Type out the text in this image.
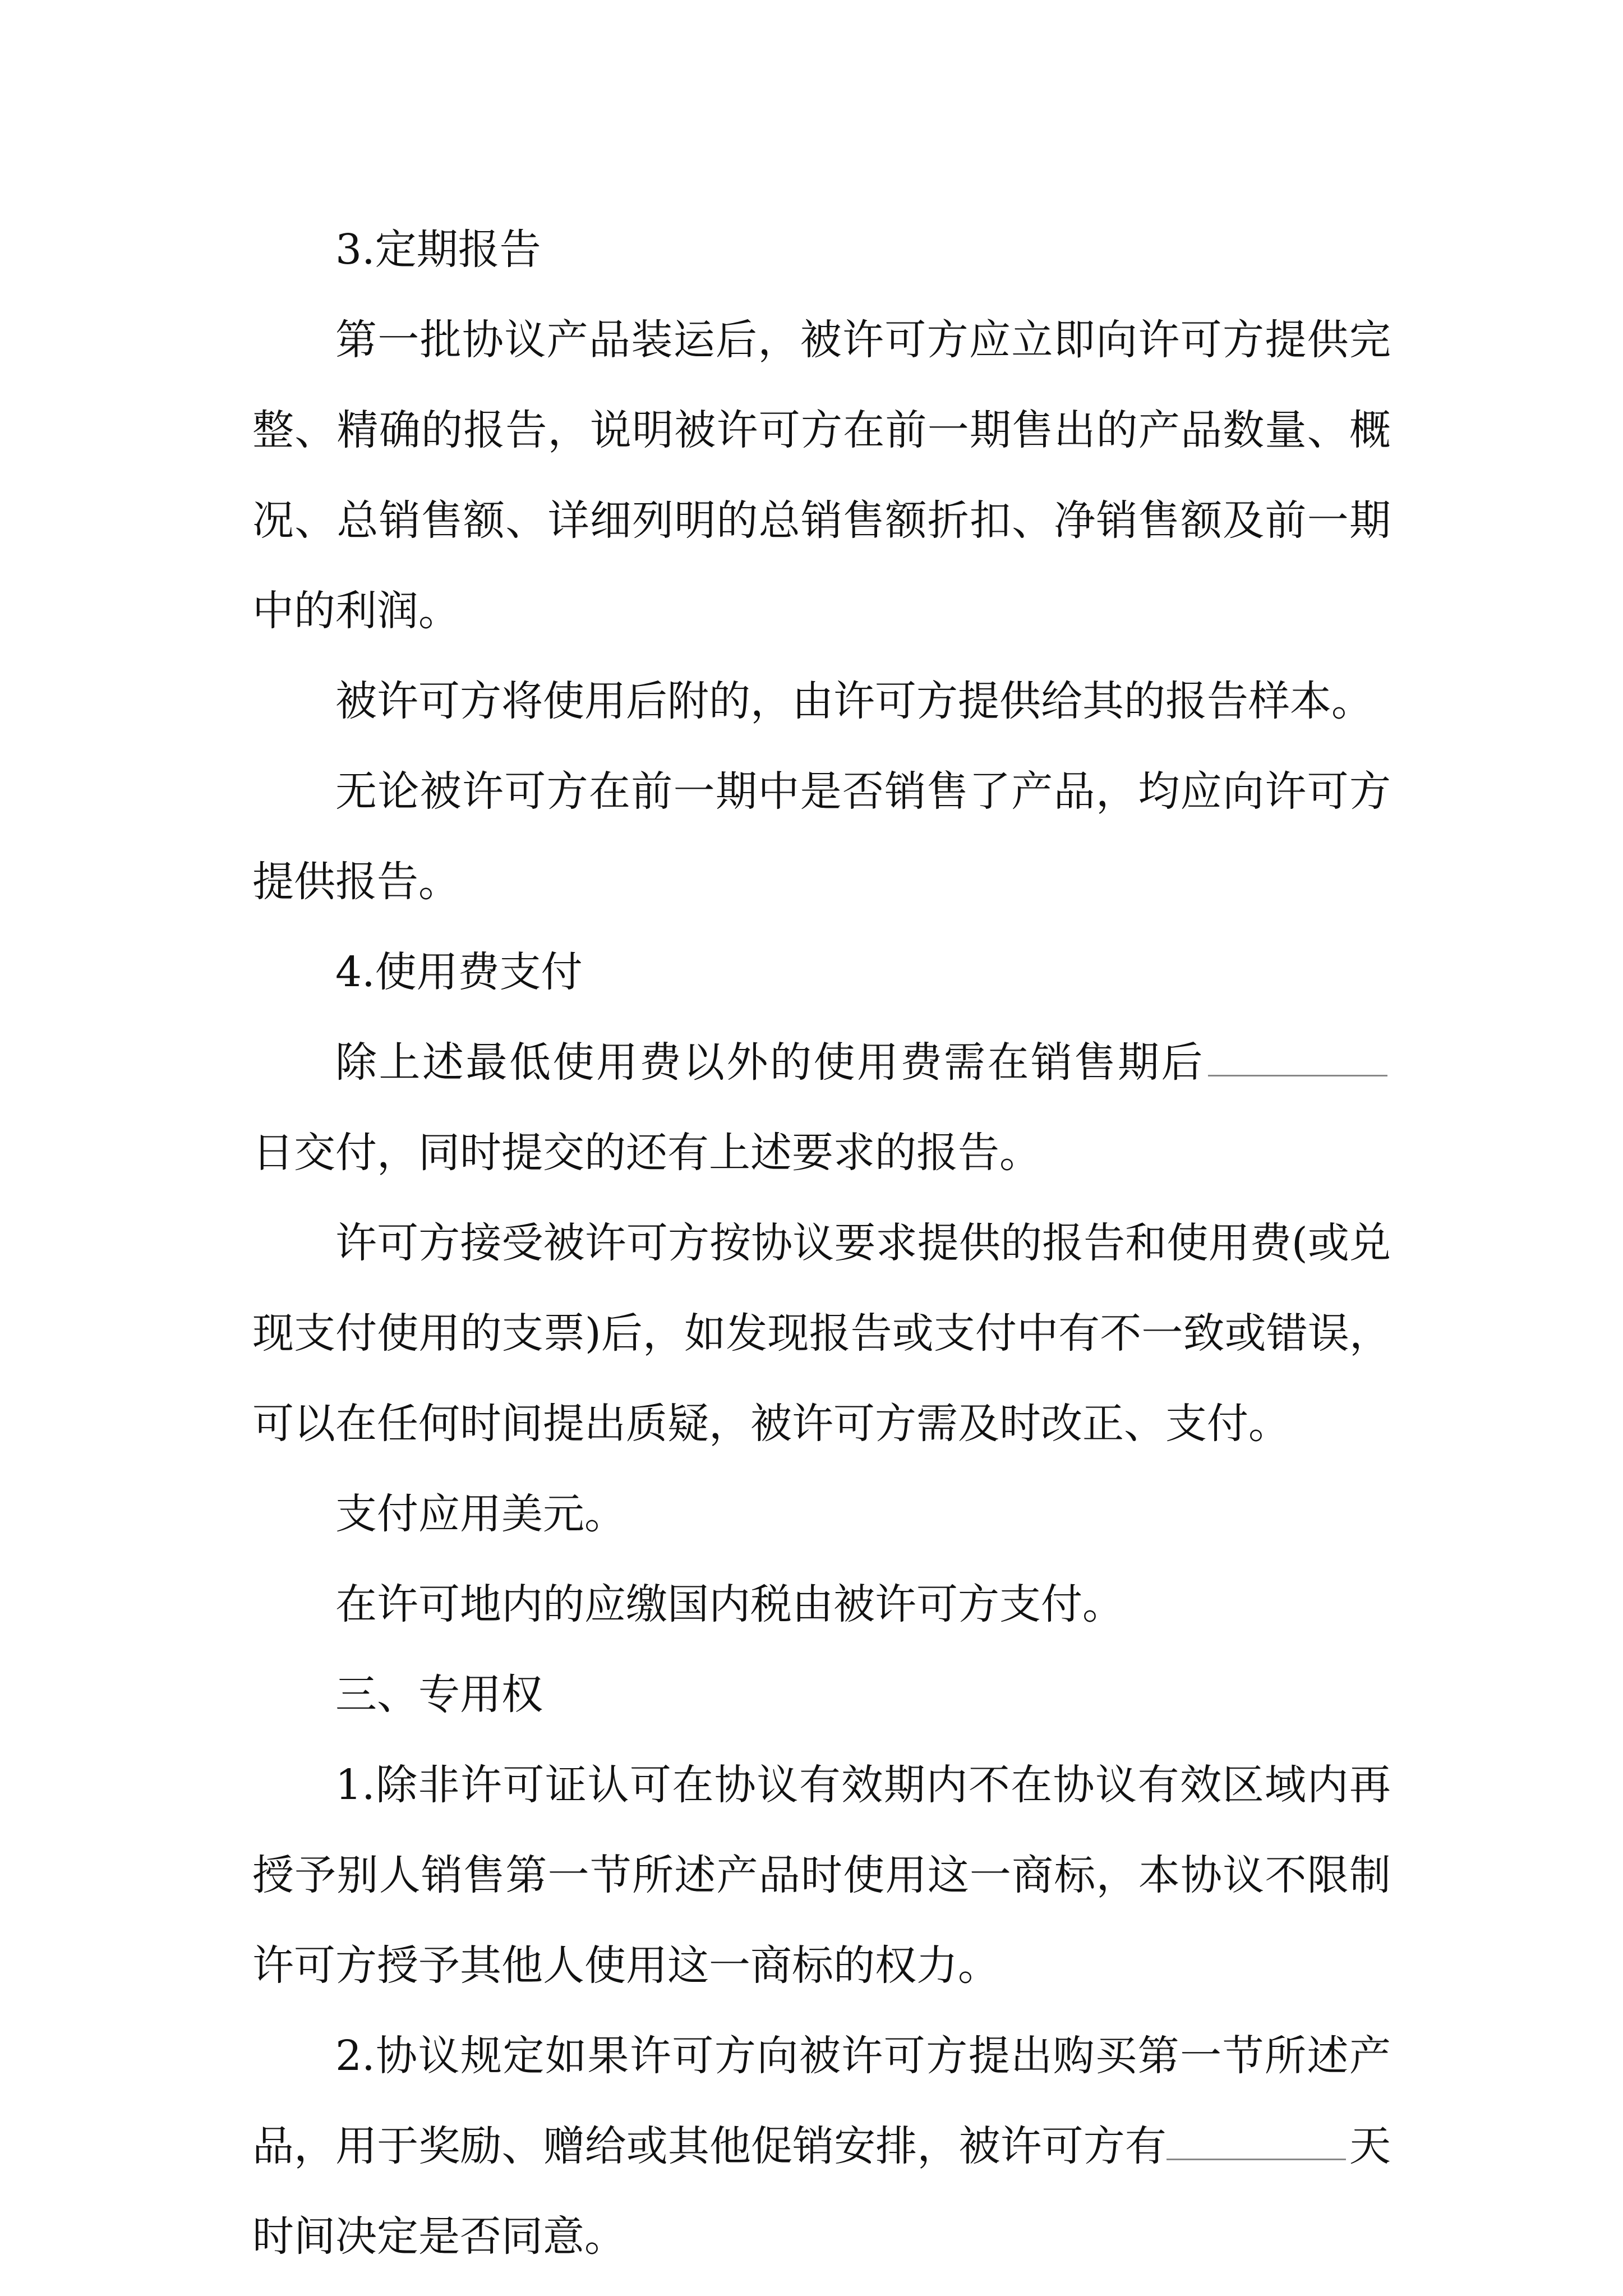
3.定期报告

第一批协议产品装运后，被许可方应立即向许可方提供完整、精确的报告，说明被许可方在前一期售出的产品数量、概况、总销售额、详细列明的总销售额折扣、净销售额及前一期中的利润。

被许可方将使用后附的，由许可方提供给其的报告样本。

无论被许可方在前一期中是否销售了产品，均应向许可方提供报告。

4.使用费支付

除上述最低使用费以外的使用费需在销售期后日交付，同时提交的还有上述要求的报告。

许可方接受被许可方按协议要求提供的报告和使用费(或兑现支付使用的支票)后，如发现报告或支付中有不一致或错误，可以在任何时间提出质疑，被许可方需及时改正、支付。

支付应用美元。

在许可地内的应缴国内税由被许可方支付。

三、专用权

1.除非许可证认可在协议有效期内不在协议有效区域内再授予别人销售第一节所述产品时使用这一商标，本协议不限制许可方授予其他人使用这一商标的权力。

2.协议规定如果许可方向被许可方提出购买第一节所述产品，用于奖励、赠给或其他促销安排，被许可方有	天时间决定是否同意。
